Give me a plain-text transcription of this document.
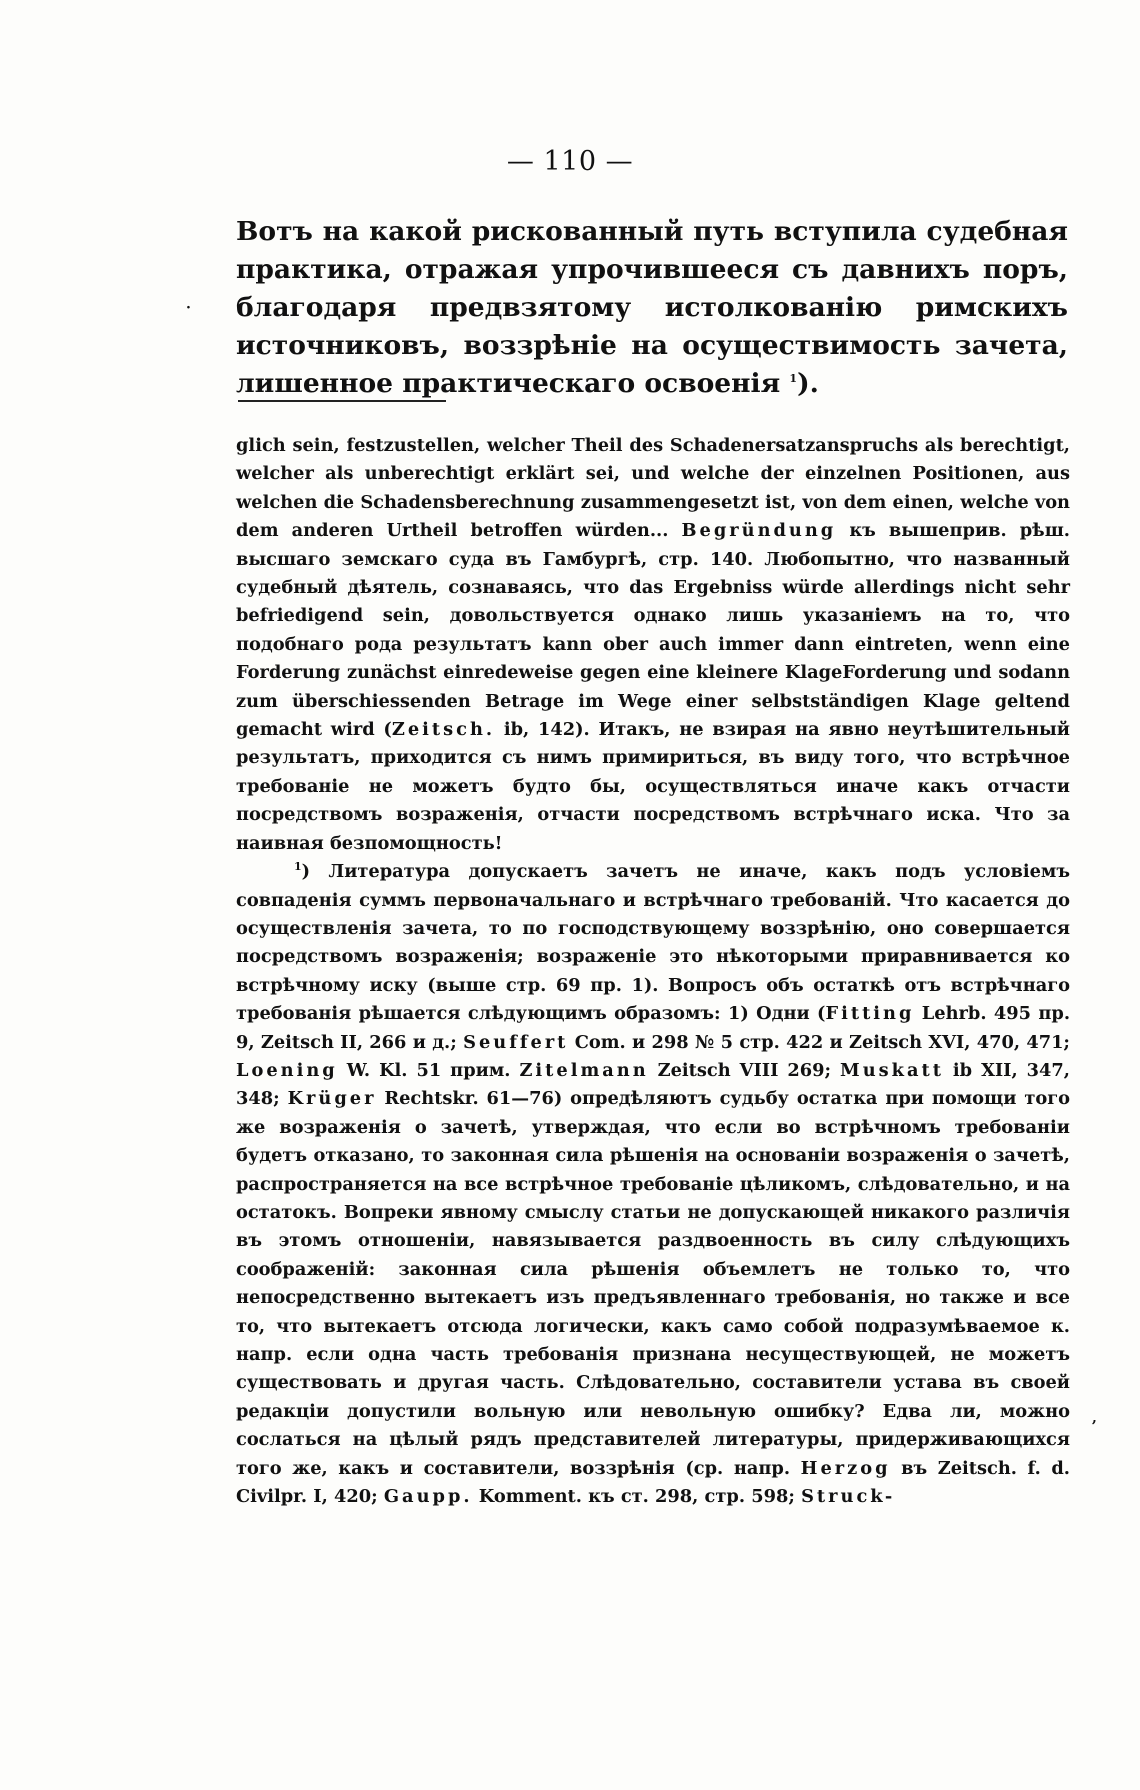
— 110 —

Вотъ на какой рискованный путь вступила судебная практика, отражая упрочившееся съ давнихъ поръ, благодаря предвзятому истолкованію римскихъ источниковъ, воззрѣніе на осуществимость зачета, лишенное практическаго освоенія $^1$).

glich sein, festzustellen, welcher Theil des Schadenersatzanspruchs als berechtigt, welcher als unberechtigt erklärt sei, und welche der einzelnen Positionen, aus welchen die Schadensberechnung zusammengesetzt ist, von dem einen, welche von dem anderen Urtheil betroffen würden... Begründung къ вышеприв. рѣш. высшаго земскаго суда въ Гамбургѣ, стр. 140. Любопытно, что названный судебный дѣятель, сознаваясь, что das Ergebniss würde allerdings nicht sehr befriedigend sein, довольствуется однако лишь указаніемъ на то, что подобнаго рода результатъ kann ober auch immer dann eintreten, wenn eine Forderung zunächst einredeweise gegen eine kleinere KlageForderung und sodann zum überschiessenden Betrage im Wege einer selbstständigen Klage geltend gemacht wird (Zeitsch. ib, 142). Итакъ, не взирая на явно неутѣшительный результатъ, приходится съ нимъ примириться, въ виду того, что встрѣчное требованіе не можетъ будто бы, осуществляться иначе какъ отчасти посредствомъ возраженія, отчасти посредствомъ встрѣчнаго иска. Что за наивная безпомощность!

$^1$) Литература допускаетъ зачетъ не иначе, какъ подъ условіемъ совпаденія суммъ первоначальнаго и встрѣчнаго требованій. Что касается до осуществленія зачета, то по господствующему воззрѣнію, оно совершается посредствомъ возраженія; возраженіе это нѣкоторыми приравнивается ко встрѣчному иску (выше стр. 69 пр. 1). Вопросъ объ остаткѣ отъ встрѣчнаго требованія рѣшается слѣдующимъ образомъ: 1) Одни (Fitting Lehrb. 495 пр. 9, Zeitsch II, 266 и д.; Seuffert Com. и 298 № 5 стр. 422 и Zeitsch XVI, 470, 471; Loening W. Kl. 51 прим. Zitelmann Zeitsch VIII 269; Muskatt ib XII, 347, 348; Krüger Rechtskr. 61—76) опредѣляютъ судьбу остатка при помощи того же возраженія о зачетѣ, утверждая, что если во встрѣчномъ требованіи будетъ отказано, то законная сила рѣшенія на основаніи возраженія о зачетѣ, распространяется на все встрѣчное требованіе цѣликомъ, слѣдовательно, и на остатокъ. Вопреки явному смыслу статьи не допускающей никакого различія въ этомъ отношеніи, навязывается раздвоенность въ силу слѣдующихъ соображеній: законная сила рѣшенія объемлетъ не только то, что непосредственно вытекаетъ изъ предъявленнаго требованія, но также и все то, что вытекаетъ отсюда логически, какъ само собой подразумѣваемое к. напр. если одна часть требованія признана несуществующей, не можетъ существовать и другая часть. Слѣдовательно, составители устава въ своей редакціи допустили вольную или невольную ошибку? Едва ли, можно сослаться на цѣлый рядъ представителей литературы, придерживающихся того же, какъ и составители, воззрѣнія (ср. напр. Herzog въ Zeitsch. f. d. Civilpr. I, 420; Gaupp. Komment. къ ст. 298, стр. 598; Struck-

·
,
